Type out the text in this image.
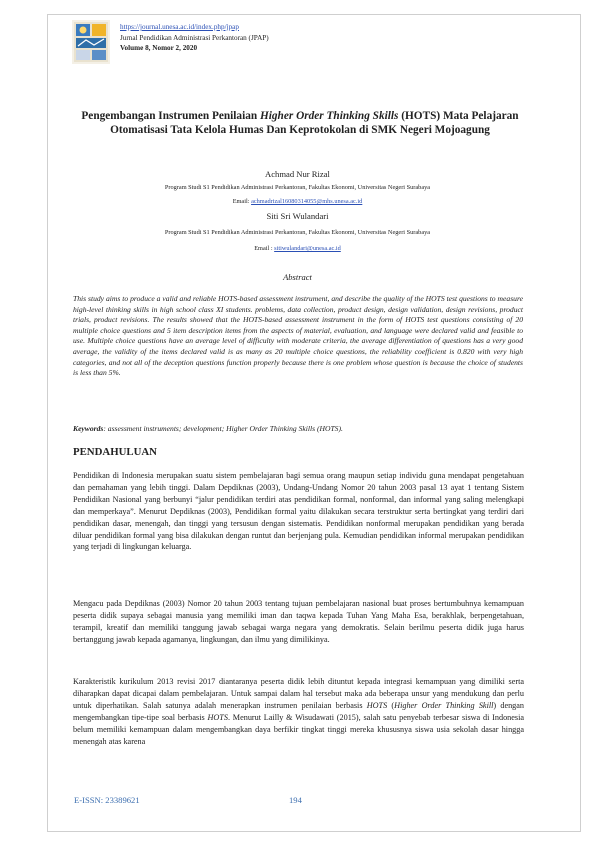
https://journal.unesa.ac.id/index.php/jpap
Jurnal Pendidikan Administrasi Perkantoran (JPAP)
Volume 8, Nomor 2, 2020
Pengembangan Instrumen Penilaian Higher Order Thinking Skills (HOTS) Mata Pelajaran Otomatisasi Tata Kelola Humas Dan Keprotokolan di SMK Negeri Mojoagung
Achmad Nur Rizal
Program Studi S1 Pendidikan Administrasi Perkantoran, Fakultas Ekonomi, Universitas Negeri Surabaya
Email: achmadrizal16080314055@mhs.unesa.ac.id
Siti Sri Wulandari
Program Studi S1 Pendidikan Administrasi Perkantoran, Fakultas Ekonomi, Universitas Negeri Surabaya
Email : sitiwulandari@unesa.ac.id
Abstract
This study aims to produce a valid and reliable HOTS-based assessment instrument, and describe the quality of the HOTS test questions to measure high-level thinking skills in high school class XI students. problems, data collection, product design, design validation, design revisions, product trials, product revisions. The results showed that the HOTS-based assessment instrument in the form of HOTS test questions consisting of 20 multiple choice questions and 5 item description items from the aspects of material, evaluation, and language were declared valid and feasible to use. Multiple choice questions have an average level of difficulty with moderate criteria, the average differentiation of questions has a very good average, the validity of the items declared valid is as many as 20 multiple choice questions, the reliability coefficient is 0.820 with very high categories, and not all of the deception questions function properly because there is one problem whose question is because the choice of students is less than 5%.
Keywords: assessment instruments; development; Higher Order Thinking Skills (HOTS).
PENDAHULUAN
Pendidikan di Indonesia merupakan suatu sistem pembelajaran bagi semua orang maupun setiap individu guna mendapat pengetahuan dan pemahaman yang lebih tinggi. Dalam Depdiknas (2003), Undang-Undang Nomor 20 tahun 2003 pasal 13 ayat 1 tentang Sistem Pendidikan Nasional yang berbunyi “jalur pendidikan terdiri atas pendidikan formal, nonformal, dan informal yang saling melengkapi dan memperkaya”. Menurut Depdiknas (2003), Pendidikan formal yaitu dilakukan secara terstruktur serta bertingkat yang terdiri dari pendidikan dasar, menengah, dan tinggi yang tersusun dengan sistematis. Pendidikan nonformal merupakan pendidikan yang berada diluar pendidikan formal yang bisa dilakukan dengan runtut dan berjenjang pula. Kemudian pendidikan informal merupakan pendidikan yang terjadi di lingkungan keluarga.
Mengacu pada Depdiknas (2003) Nomor 20 tahun 2003 tentang tujuan pembelajaran nasional buat proses bertumbuhnya kemampuan peserta didik supaya sebagai manusia yang memiliki iman dan taqwa kepada Tuhan Yang Maha Esa, berakhlak, berpengetahuan, terampil, kreatif dan memiliki tanggung jawab sebagai warga negara yang demokratis. Selain berilmu peserta didik juga harus bertanggung jawab kepada agamanya, lingkungan, dan ilmu yang dimilikinya.
Karakteristik kurikulum 2013 revisi 2017 diantaranya peserta didik lebih dituntut kepada integrasi kemampuan yang dimiliki serta diharapkan dapat dicapai dalam pembelajaran. Untuk sampai dalam hal tersebut maka ada beberapa unsur yang mendukung dan perlu untuk diperhatikan. Salah satunya adalah menerapkan instrumen penilaian berbasis HOTS (Higher Order Thinking Skill) dengan mengembangkan tipe-tipe soal berbasis HOTS. Menurut Lailly & Wisudawati (2015), salah satu penyebab terbesar siswa di Indonesia belum memiliki kemampuan dalam mengembangkan daya berfikir tingkat tinggi mereka khususnya siswa usia sekolah dasar hingga menengah atas karena
E-ISSN: 23389621	194
